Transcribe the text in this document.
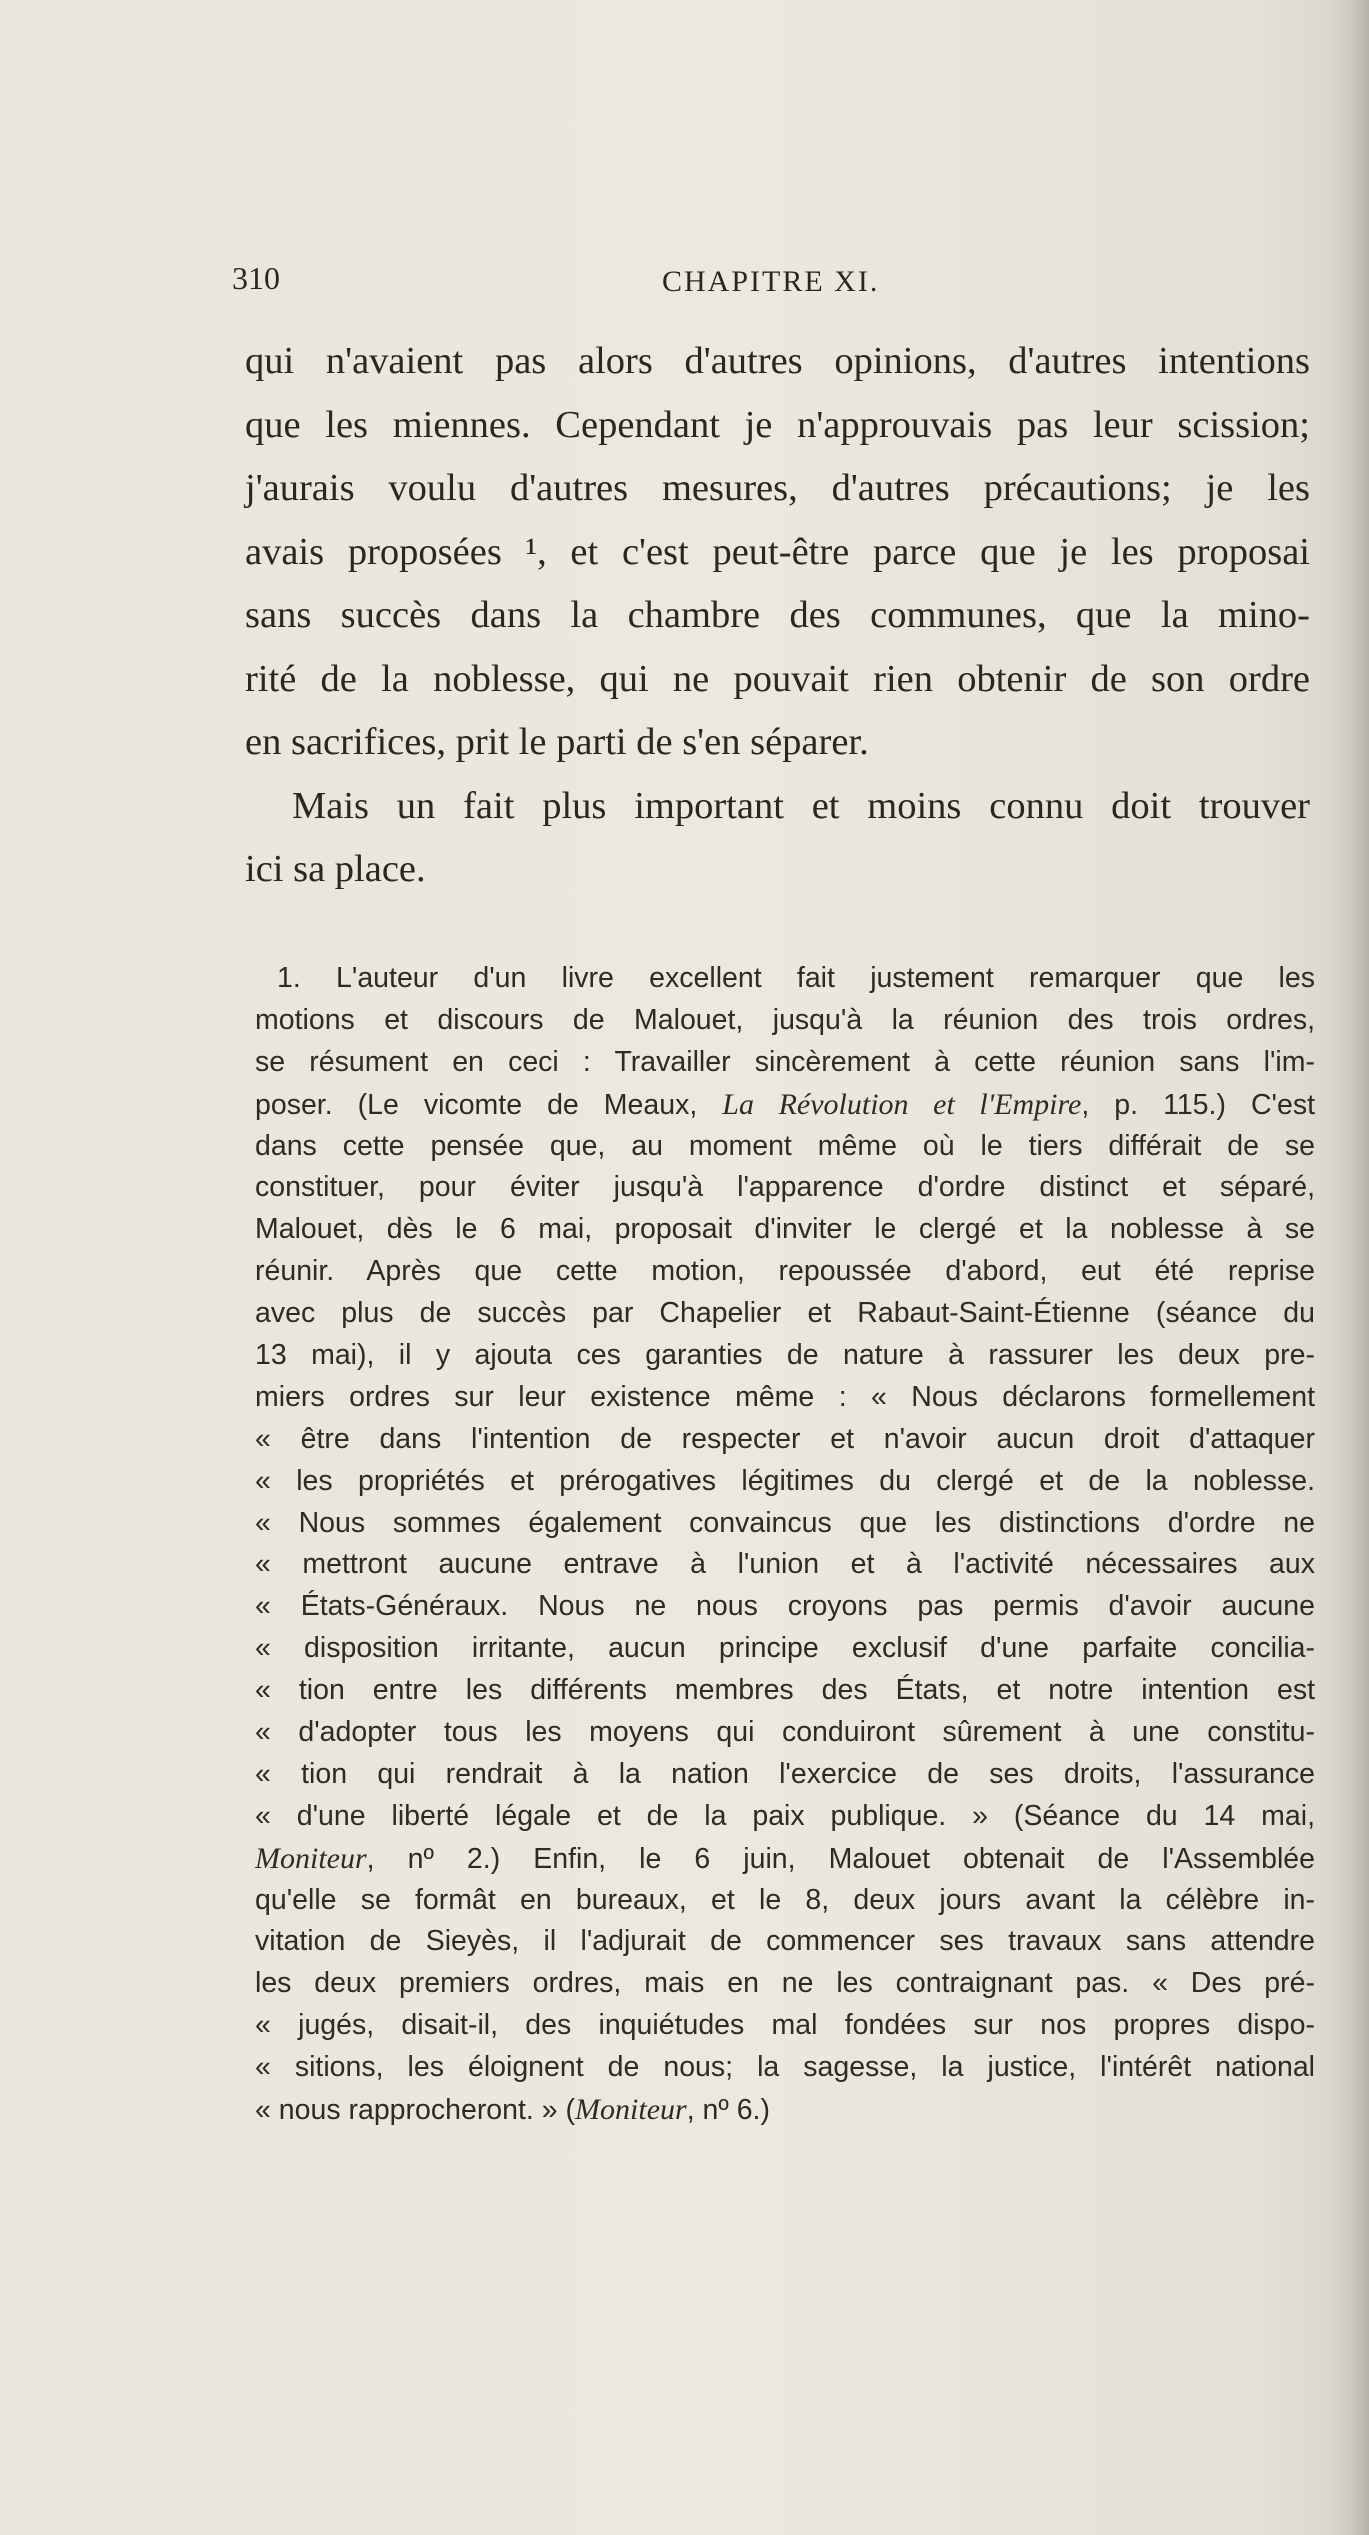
310	CHAPITRE XI.
qui n'avaient pas alors d'autres opinions, d'autres intentions
que les miennes. Cependant je n'approuvais pas leur scission;
j'aurais voulu d'autres mesures, d'autres précautions; je les
avais proposées ¹, et c'est peut-être parce que je les proposai
sans succès dans la chambre des communes, que la mino-
rité de la noblesse, qui ne pouvait rien obtenir de son ordre
en sacrifices, prit le parti de s'en séparer.
Mais un fait plus important et moins connu doit trouver
ici sa place.
1. L'auteur d'un livre excellent fait justement remarquer que les
motions et discours de Malouet, jusqu'à la réunion des trois ordres,
se résument en ceci : Travailler sincèrement à cette réunion sans l'im-
poser. (Le vicomte de Meaux, La Révolution et l'Empire, p. 115.) C'est
dans cette pensée que, au moment même où le tiers différait de se
constituer, pour éviter jusqu'à l'apparence d'ordre distinct et séparé,
Malouet, dès le 6 mai, proposait d'inviter le clergé et la noblesse à se
réunir. Après que cette motion, repoussée d'abord, eut été reprise
avec plus de succès par Chapelier et Rabaut-Saint-Étienne (séance du
13 mai), il y ajouta ces garanties de nature à rassurer les deux pre-
miers ordres sur leur existence même : « Nous déclarons formellement
« être dans l'intention de respecter et n'avoir aucun droit d'attaquer
« les propriétés et prérogatives légitimes du clergé et de la noblesse.
« Nous sommes également convaincus que les distinctions d'ordre ne
« mettront aucune entrave à l'union et à l'activité nécessaires aux
« États-Généraux. Nous ne nous croyons pas permis d'avoir aucune
« disposition irritante, aucun principe exclusif d'une parfaite concilia-
« tion entre les différents membres des États, et notre intention est
« d'adopter tous les moyens qui conduiront sûrement à une constitu-
« tion qui rendrait à la nation l'exercice de ses droits, l'assurance
« d'une liberté légale et de la paix publique. » (Séance du 14 mai,
Moniteur, nº 2.) Enfin, le 6 juin, Malouet obtenait de l'Assemblée
qu'elle se formât en bureaux, et le 8, deux jours avant la célèbre in-
vitation de Sieyès, il l'adjurait de commencer ses travaux sans attendre
les deux premiers ordres, mais en ne les contraignant pas. « Des pré-
« jugés, disait-il, des inquiétudes mal fondées sur nos propres dispo-
« sitions, les éloignent de nous; la sagesse, la justice, l'intérêt national
« nous rapprocheront. » (Moniteur, nº 6.)
